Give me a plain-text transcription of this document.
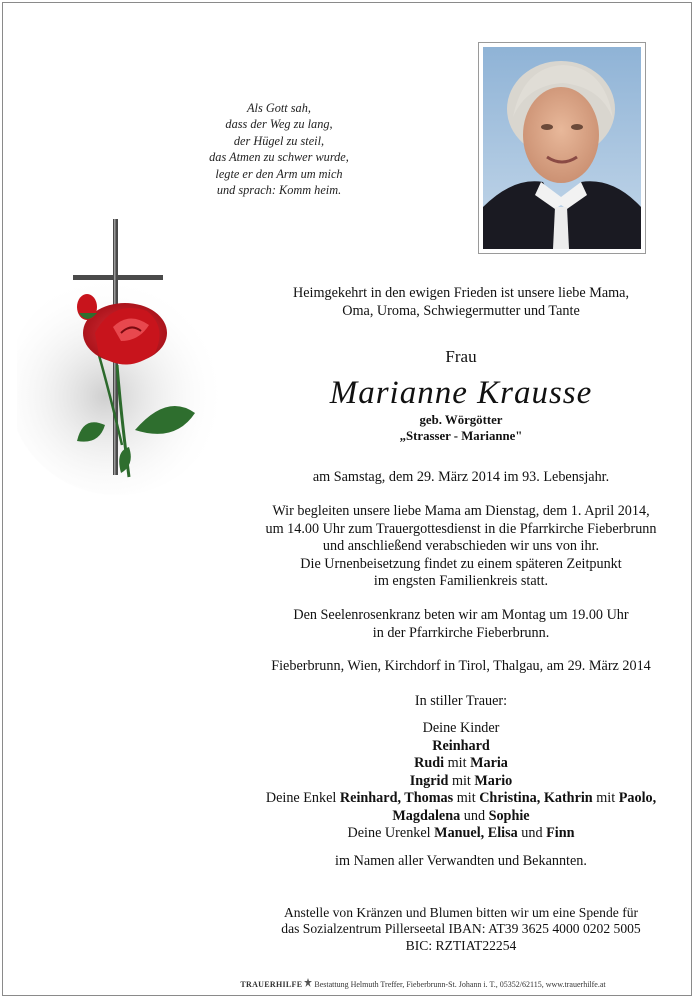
Als Gott sah,
dass der Weg zu lang,
der Hügel zu steil,
das Atmen zu schwer wurde,
legte er den Arm um mich
und sprach: Komm heim.
Heimgekehrt in den ewigen Frieden ist unsere liebe Mama,
Oma, Uroma, Schwiegermutter und Tante
Frau
Marianne Krausse
geb. Wörgötter
„Strasser - Marianne"
am Samstag, dem 29. März 2014 im 93. Lebensjahr.
Wir begleiten unsere liebe Mama am Dienstag, dem 1. April 2014,
um 14.00 Uhr zum Trauergottesdienst in die Pfarrkirche Fieberbrunn
und anschließend verabschieden wir uns von ihr.
Die Urnenbeisetzung findet zu einem späteren Zeitpunkt
im engsten Familienkreis statt.
Den Seelenrosenkranz beten wir am Montag um 19.00 Uhr
in der Pfarrkirche Fieberbrunn.
Fieberbrunn, Wien, Kirchdorf in Tirol, Thalgau, am 29. März 2014
In stiller Trauer:
Deine Kinder
Reinhard
Rudi mit Maria
Ingrid mit Mario
Deine Enkel Reinhard, Thomas mit Christina, Kathrin mit Paolo,
Magdalena und Sophie
Deine Urenkel Manuel, Elisa und Finn
im Namen aller Verwandten und Bekannten.
Anstelle von Kränzen und Blumen bitten wir um eine Spende für
das Sozialzentrum Pillerseetal IBAN: AT39 3625 4000 0202 5005
BIC: RZTIAT22254
TRAUERHILFE Bestattung Helmuth Treffer, Fieberbrunn-St. Johann i. T., 05352/62115, www.trauerhilfe.at
